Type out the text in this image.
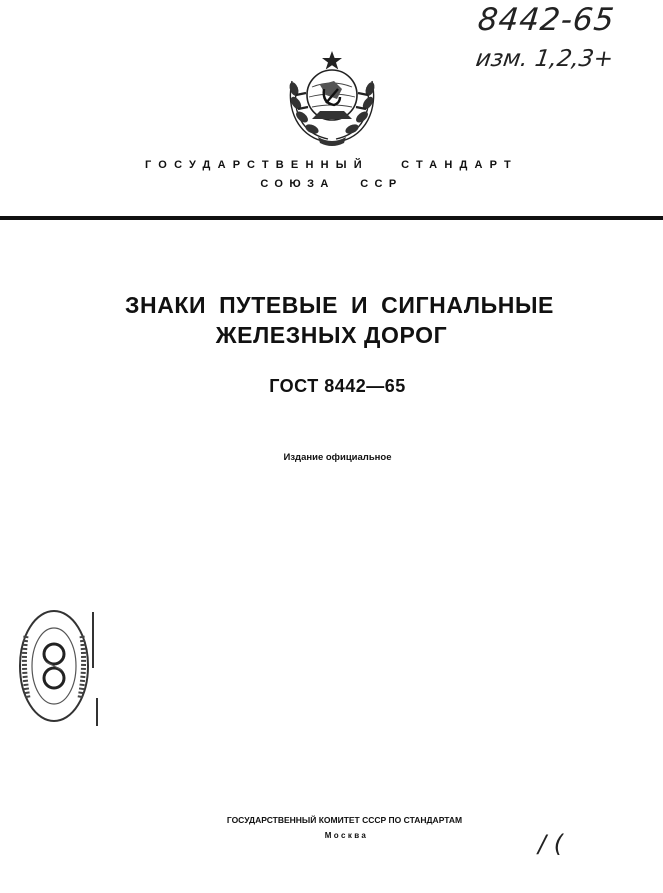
8442-65
изм. 1,2,3+
ГОСУДАРСТВЕННЫЙ СТАНДАРТ
СОЮЗА ССР
ЗНАКИ ПУТЕВЫЕ И СИГНАЛЬНЫЕ
ЖЕЛЕЗНЫХ ДОРОГ
ГОСТ 8442—65
Издание официальное
ГОСУДАРСТВЕННЫЙ КОМИТЕТ СССР ПО СТАНДАРТАМ
Москва	/ (
